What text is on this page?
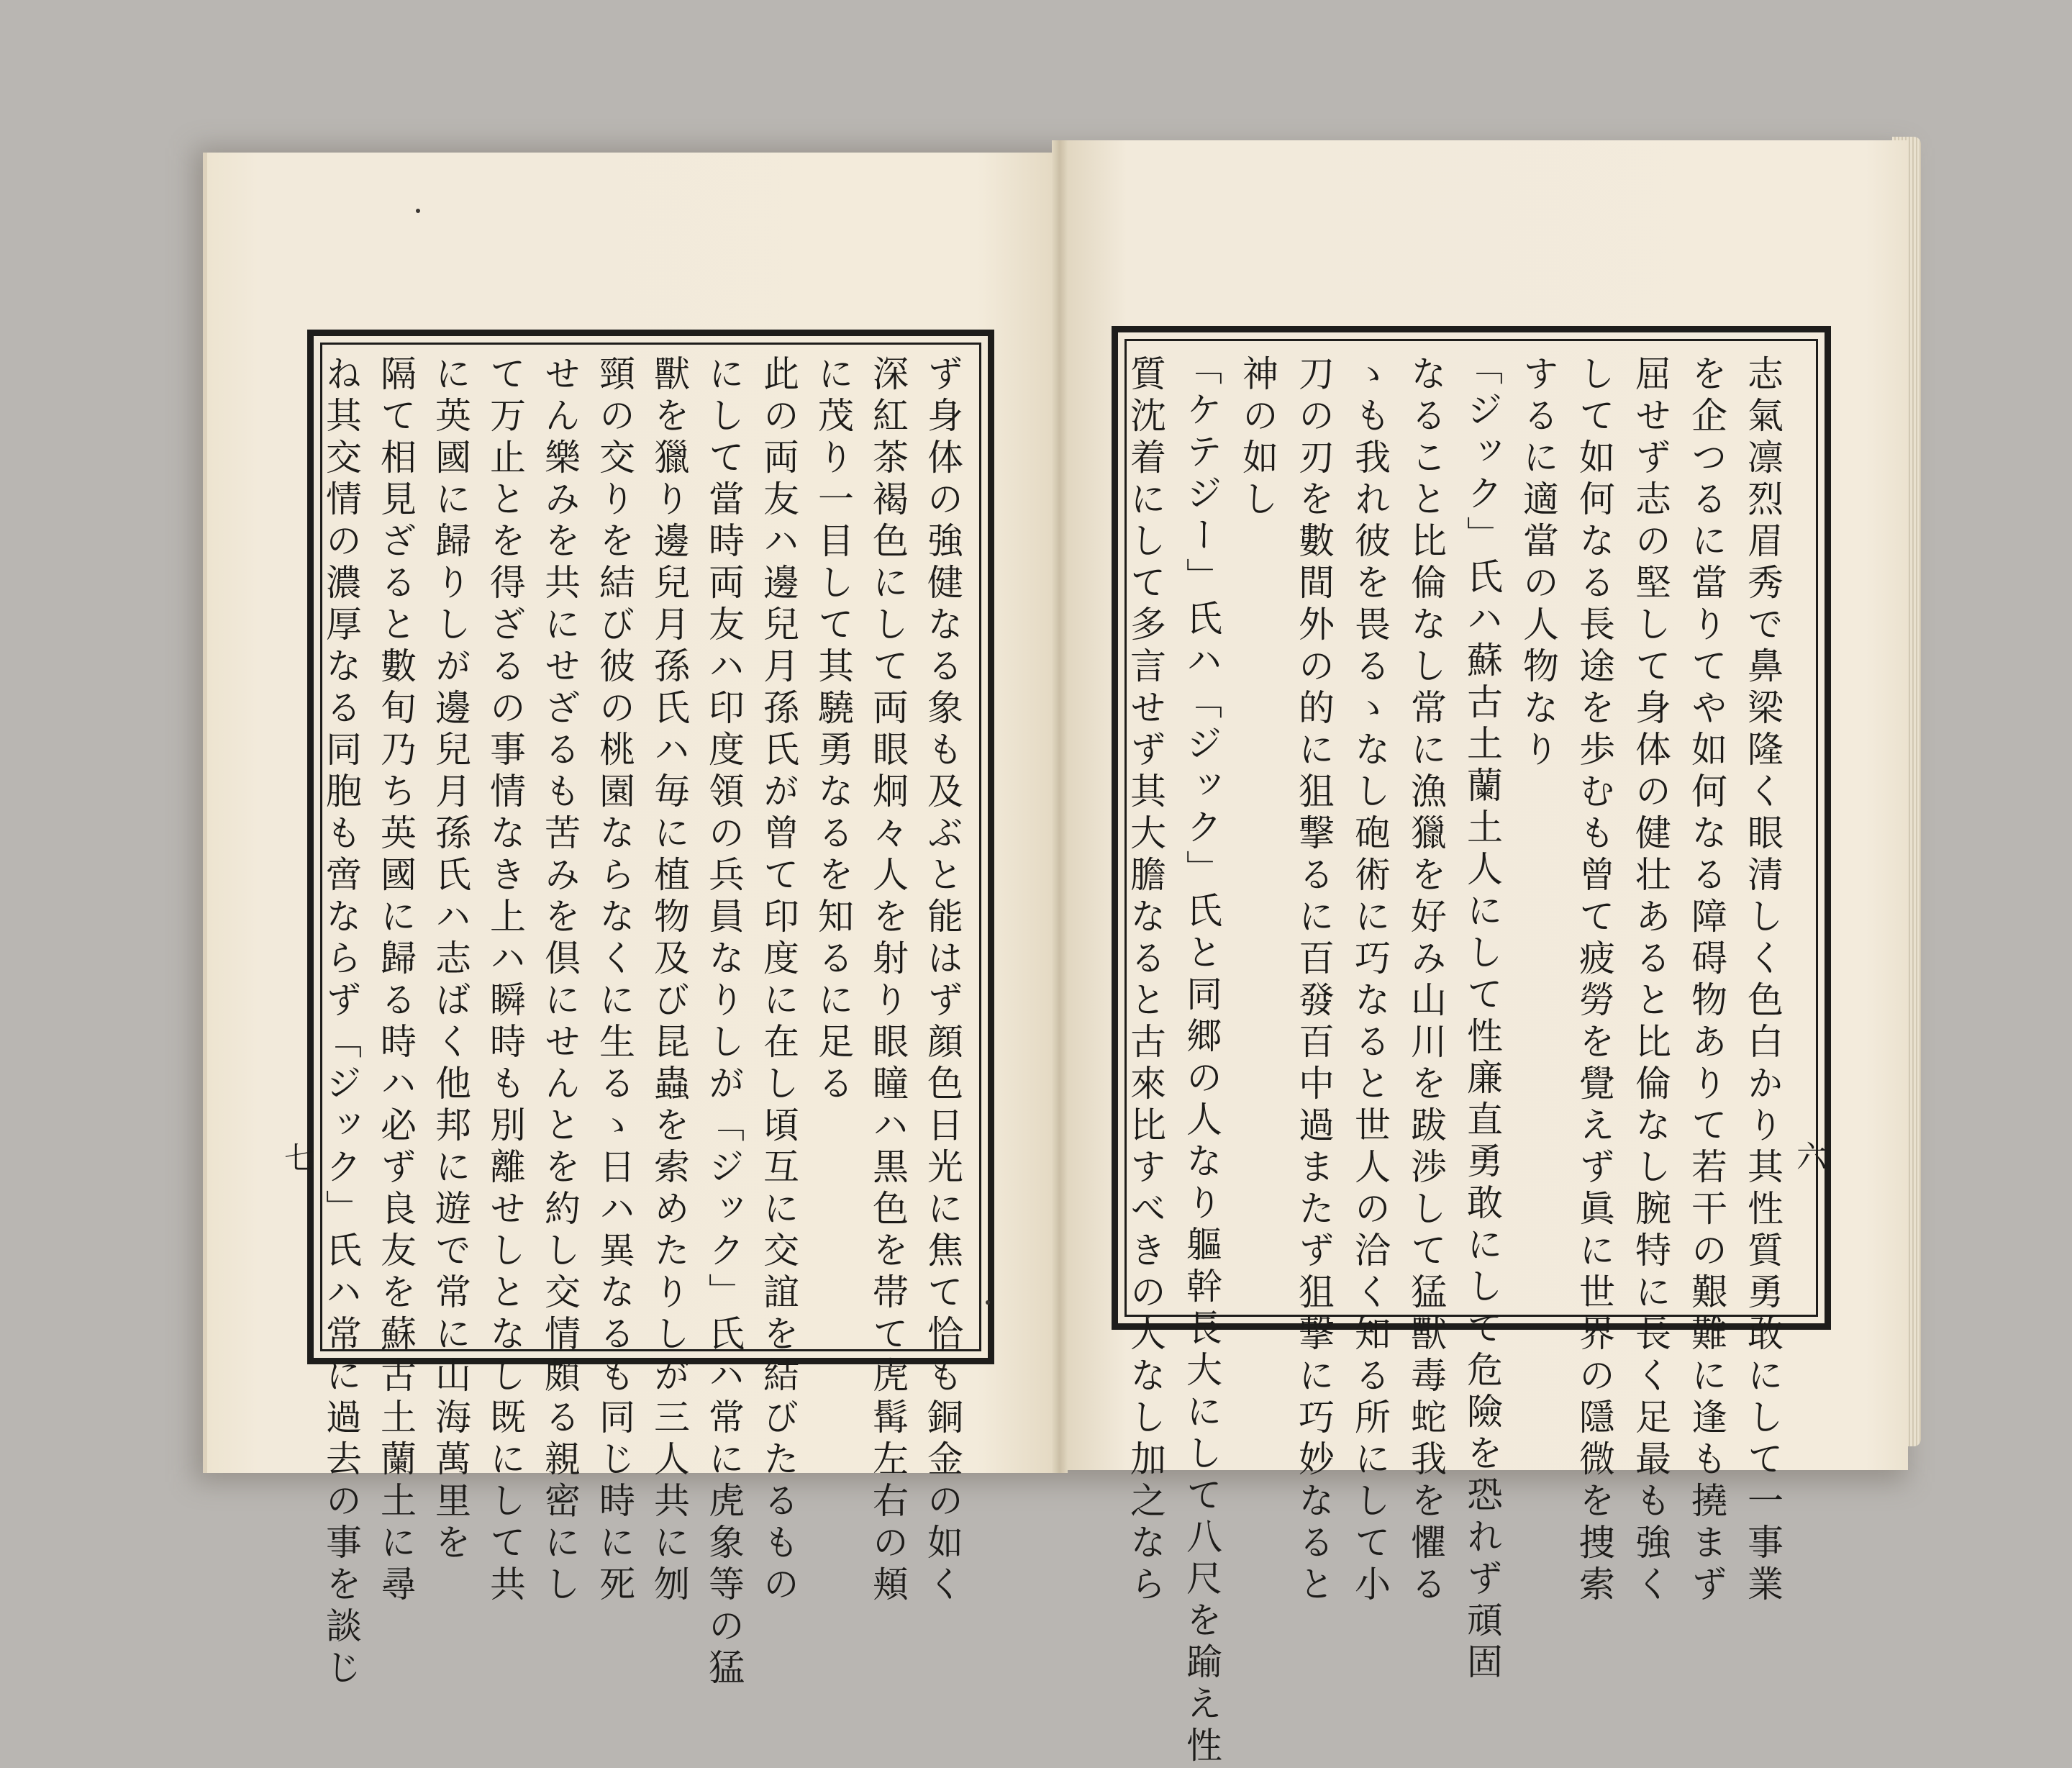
志氣凛烈眉秀で鼻梁隆く眼清しく色白かり其性質勇敢にして一事業
を企つるに當りてや如何なる障碍物ありて若干の艱難に逢も撓まず
屈せず志の堅して身体の健壮あると比倫なし腕特に長く足最も強く
して如何なる長途を歩むも曾て疲勞を覺えず眞に世界の隱微を捜索
するに適當の人物なり
「ジック」氏ハ蘇古土蘭土人にして性廉直勇敢にして危險を恐れず頑固
なること比倫なし常に漁獵を好み山川を跋渉して猛獸毒蛇我を懼る
ゝも我れ彼を畏るゝなし砲術に巧なると世人の洽く知る所にして小
刀の刃を數間外の的に狙撃るに百發百中過またず狙撃に巧妙なると
神の如し
「ケテジー」氏ハ「ジック」氏と同郷の人なり軀幹長大にして八尺を踰え性
質沈着にして多言せず其大膽なると古來比すべきの人なし加之なら
ず身体の強健なる象も及ぶと能はず顔色日光に焦て恰も銅金の如く
深紅茶褐色にして両眼炯々人を射り眼瞳ハ黒色を帯て虎髯左右の頬
に茂り一目して其驍勇なるを知るに足る
此の両友ハ邊兒月孫氏が曾て印度に在し頃互に交誼を結びたるもの
にして當時両友ハ印度領の兵員なりしが「ジック」氏ハ常に虎象等の猛
獸を獵り邊兒月孫氏ハ毎に植物及び昆蟲を索めたりしが三人共に刎
頸の交りを結び彼の桃園ならなくに生るゝ日ハ異なるも同じ時に死
せん樂みを共にせざるも苦みを倶にせんとを約し交情頗る親密にし
て万止とを得ざるの事情なき上ハ瞬時も別離せしとなし既にして共
に英國に歸りしが邊兒月孫氏ハ志ばく他邦に遊で常に山海萬里を
隔て相見ざると數旬乃ち英國に歸る時ハ必ず良友を蘇古土蘭土に尋
ね其交情の濃厚なる同胞も啻ならず「ジック」氏ハ常に過去の事を談じ	六
七
